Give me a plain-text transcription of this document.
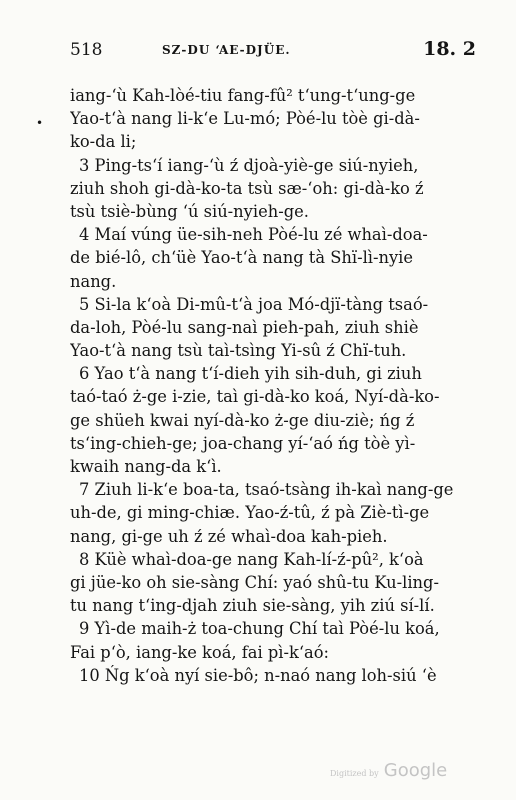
518	SZ-DU ‘AE-DJÜE.	18. 2
•
iang-‘ù Kah-lòé-tiu fang-fû² t‘ung-t‘ung-ge
Yao-t‘à nang li-k‘e Lu-mó; Pòé-lu tòè gi-dà-
ko-da li;
3 Ping-ts‘í iang-‘ù ź djoà-yiè-ge siú-nyieh,
ziuh shoh gi-dà-ko-ta tsù sæ-‘oh: gi-dà-ko ź
tsù tsiè-bùng ‘ú siú-nyieh-ge.
4 Maí vúng üe-sih-neh Pòé-lu zé whaì-doa-
de bié-lô, ch‘üè Yao-t‘à nang tà Shï-lì-nyie
nang.
5 Si-la k‘oà Di-mû-t‘à joa Mó-djï-tàng tsaó-
da-loh, Pòé-lu sang-naì pieh-pah, ziuh shiè
Yao-t‘à nang tsù taì-tsìng Yi-sû ź Chï-tuh.
6 Yao t‘à nang t‘í-dieh yih sih-duh, gi ziuh
taó-taó ż-ge i-zie, taì gi-dà-ko koá, Nyí-dà-ko-
ge shüeh kwai nyí-dà-ko ż-ge diu-ziè; ńg ź
ts‘ing-chieh-ge; joa-chang yí-‘aó ńg tòè yì-
kwaih nang-da k‘ì.
7 Ziuh li-k‘e boa-ta, tsaó-tsàng ih-kaì nang-ge
uh-de, gi ming-chiæ. Yao-ź-tû, ź pà Ziè-tì-ge
nang, gi-ge uh ź zé whaì-doa kah-pieh.
8 Küè whaì-doa-ge nang Kah-lí-ź-pû², k‘oà
gi jüe-ko oh sie-sàng Chí: yaó shû-tu Ku-ling-
tu nang t‘ing-djah ziuh sie-sàng, yih ziú sí-lí.
9 Yì-de maih-ż toa-chung Chí taì Pòé-lu koá,
Fai p‘ò, iang-ke koá, fai pì-k‘aó:
10 Ńg k‘oà nyí sie-bô; n-naó nang loh-siú ‘è
Digitized by Google
